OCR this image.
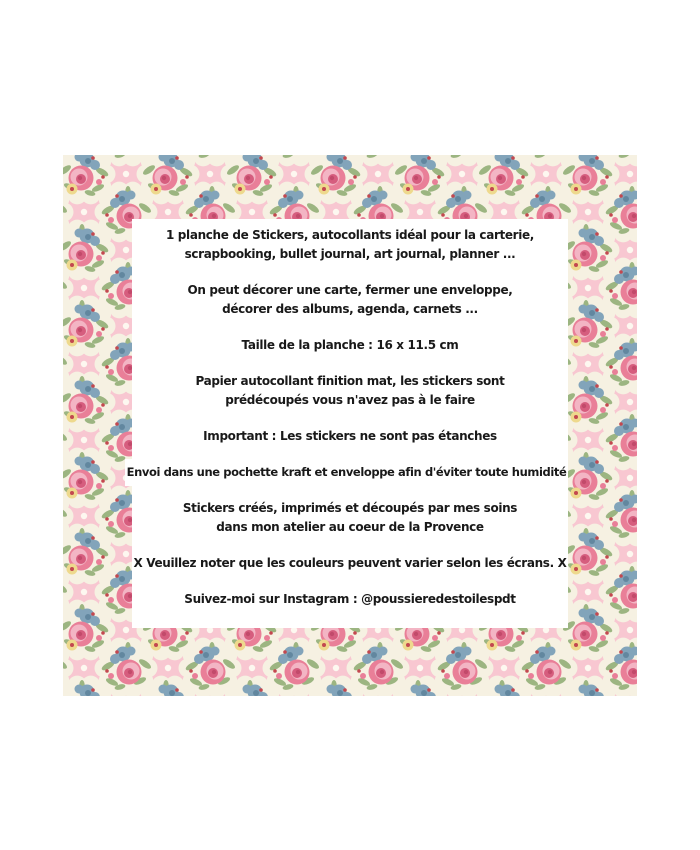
1 planche de Stickers, autocollants idéal pour la carterie,

scrapbooking, bullet journal, art journal, planner ...

On peut décorer une carte, fermer une enveloppe,

décorer des albums, agenda, carnets ...

Taille de la planche : 16 x 11.5 cm

Papier autocollant finition mat, les stickers sont

prédécoupés vous n'avez pas à le faire

Important : Les stickers ne sont pas étanches

Envoi dans une pochette kraft et enveloppe afin d'éviter toute humidité

Stickers créés, imprimés et découpés par mes soins

dans mon atelier au coeur de la Provence

X Veuillez noter que les couleurs peuvent varier selon les écrans. X

Suivez-moi sur Instagram : @poussieredestoilespdt
